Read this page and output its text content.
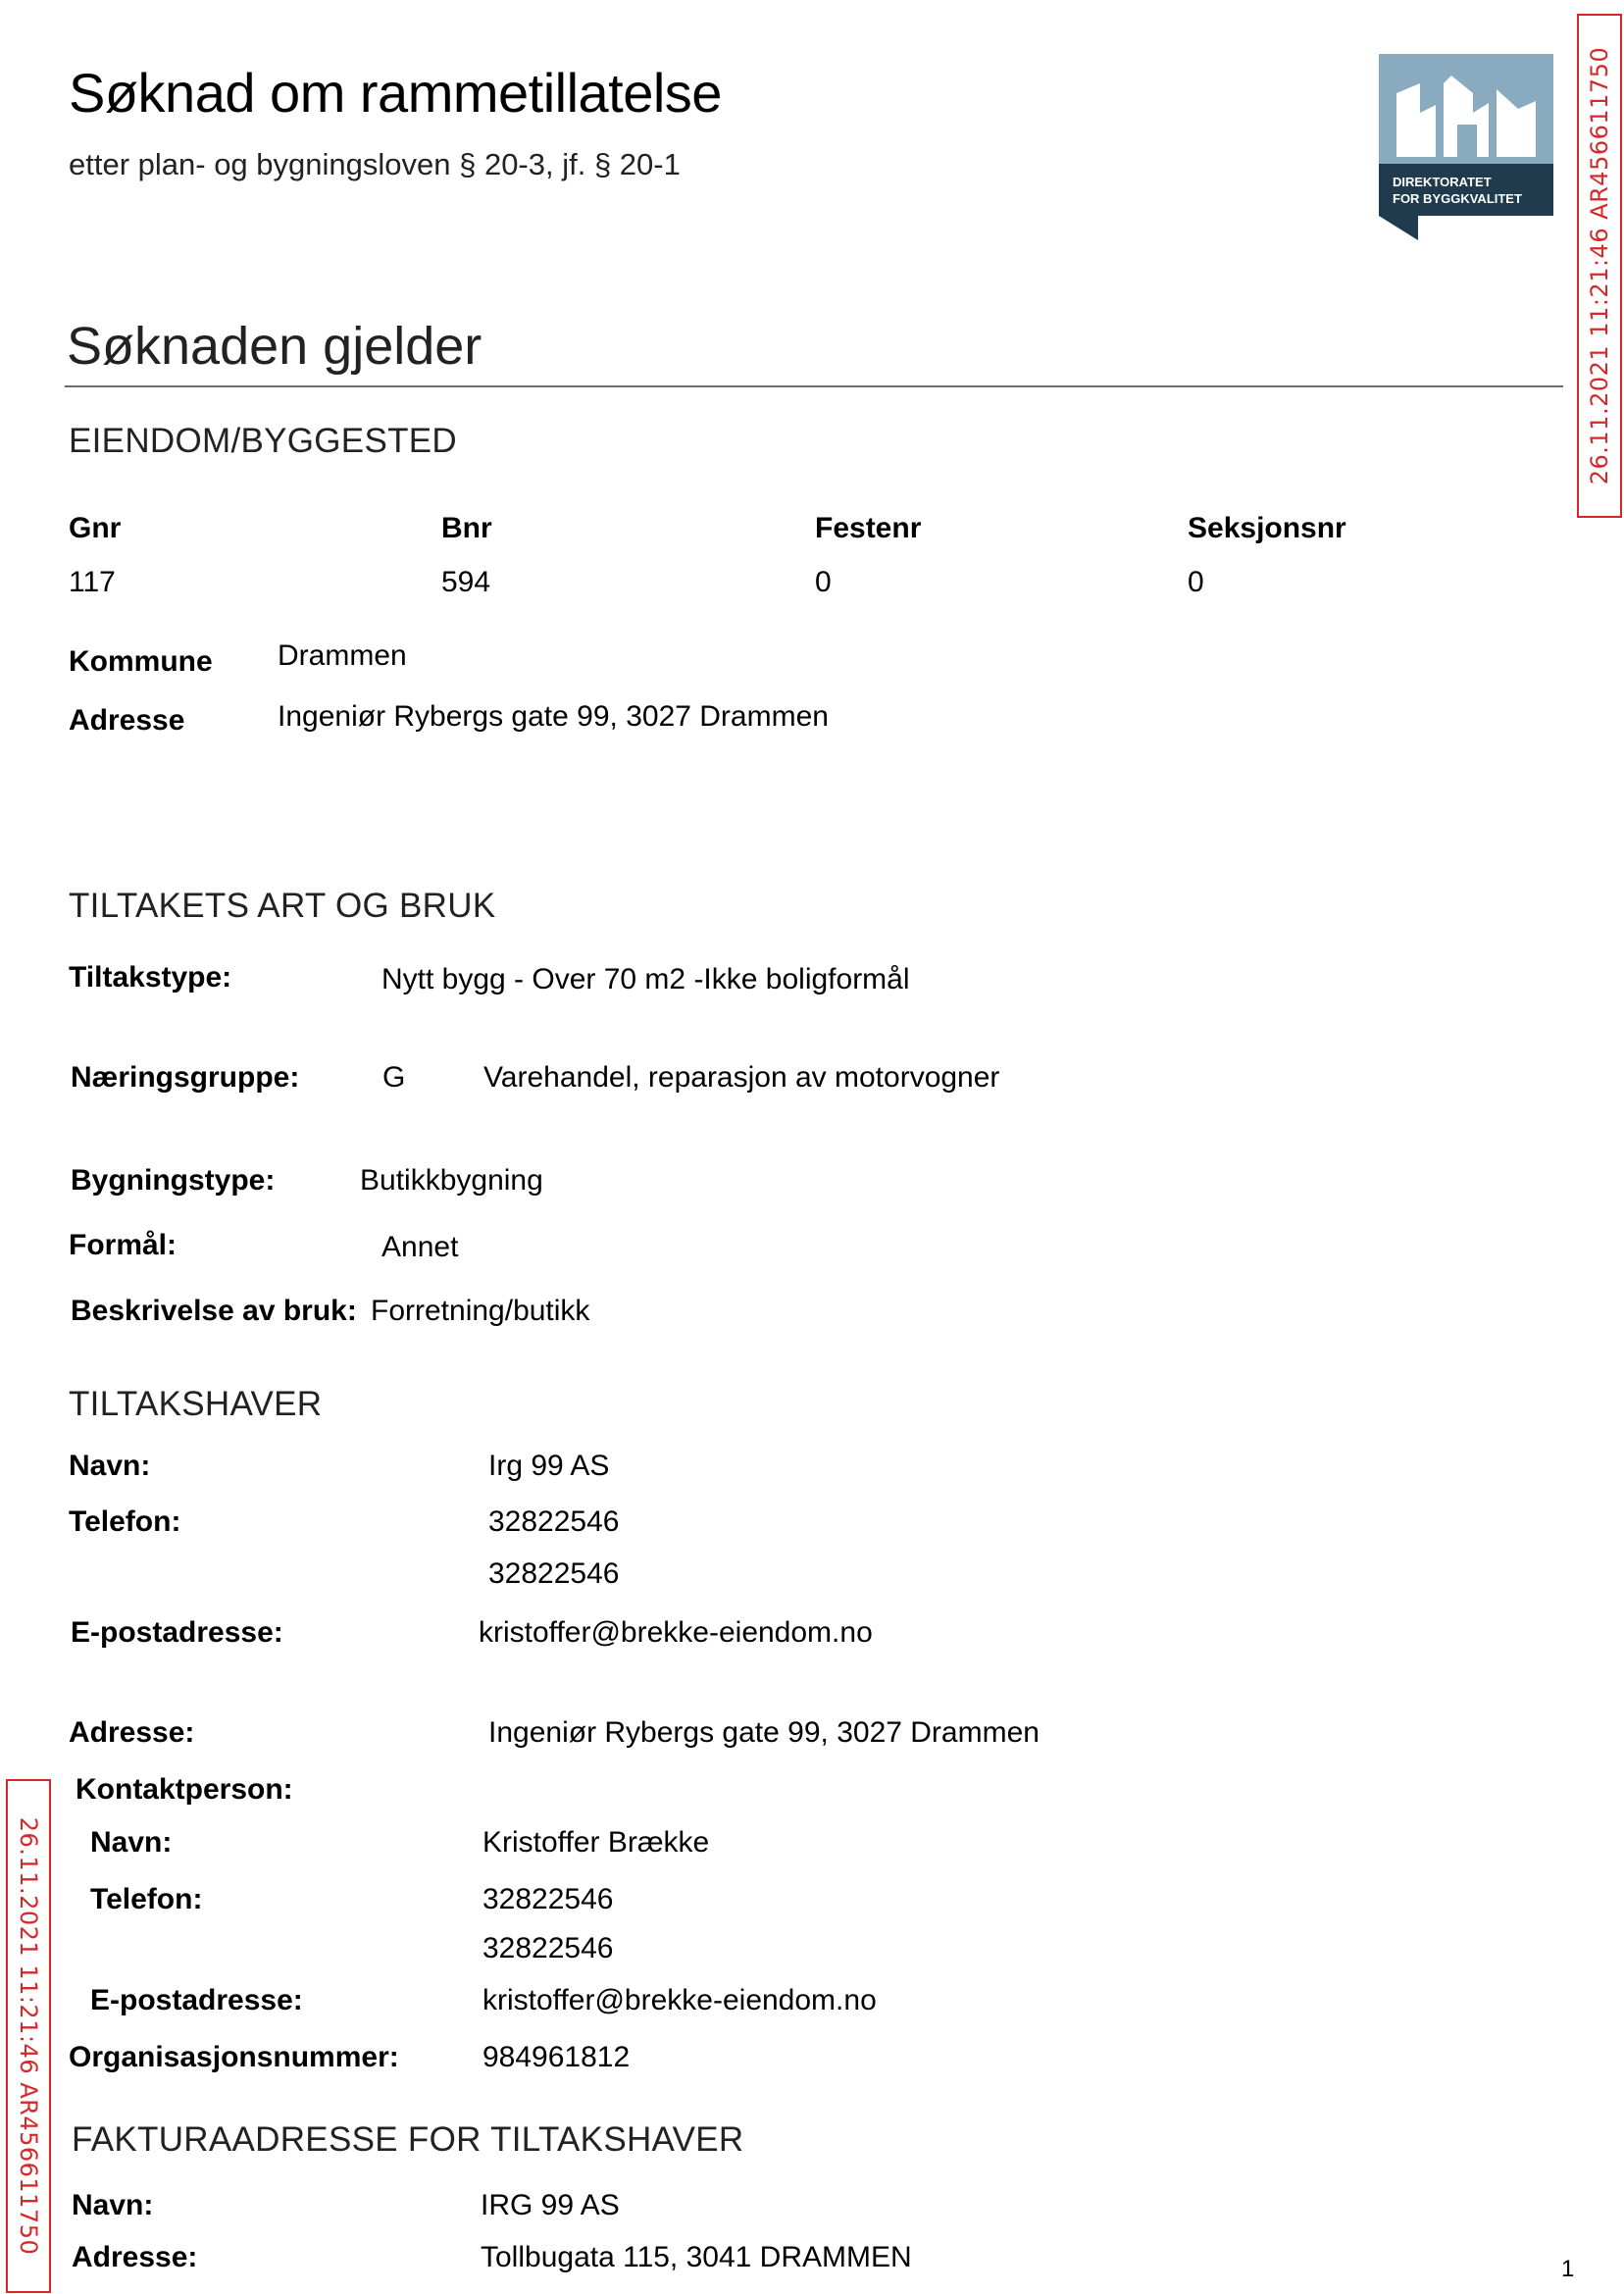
Søknad om rammetillatelse
etter plan- og bygningsloven § 20-3, jf. § 20-1
DIREKTORATET
FOR BYGGKVALITET	26.11.2021 11:21:46 AR456611750
26.11.2021 11:21:46 AR456611750
Søknaden gjelder
EIENDOM/BYGGESTED
Gnr	Bnr	Festenr	Seksjonsnr
117	594	0	0
Kommune Drammen
Adresse	Ingeniør Rybergs gate 99, 3027 Drammen
TILTAKETS ART OG BRUK
Tiltakstype:	Nytt bygg - Over 70 m2 -Ikke boligformål
Næringsgruppe:	G	Varehandel, reparasjon av motorvogner
Bygningstype:	Butikkbygning
Formål:	Annet
Beskrivelse av bruk: Forretning/butikk
TILTAKSHAVER
Navn:	Irg 99 AS
Telefon:	32822546
32822546
E-postadresse:	kristoffer@brekke-eiendom.no
Adresse:	Ingeniør Rybergs gate 99, 3027 Drammen
Kontaktperson:
Navn:	Kristoffer Brække
Telefon:	32822546
32822546
E-postadresse:	kristoffer@brekke-eiendom.no
Organisasjonsnummer:	984961812
FAKTURAADRESSE FOR TILTAKSHAVER
Navn:	IRG 99 AS
Adresse:	Tollbugata 115, 3041 DRAMMEN	1
